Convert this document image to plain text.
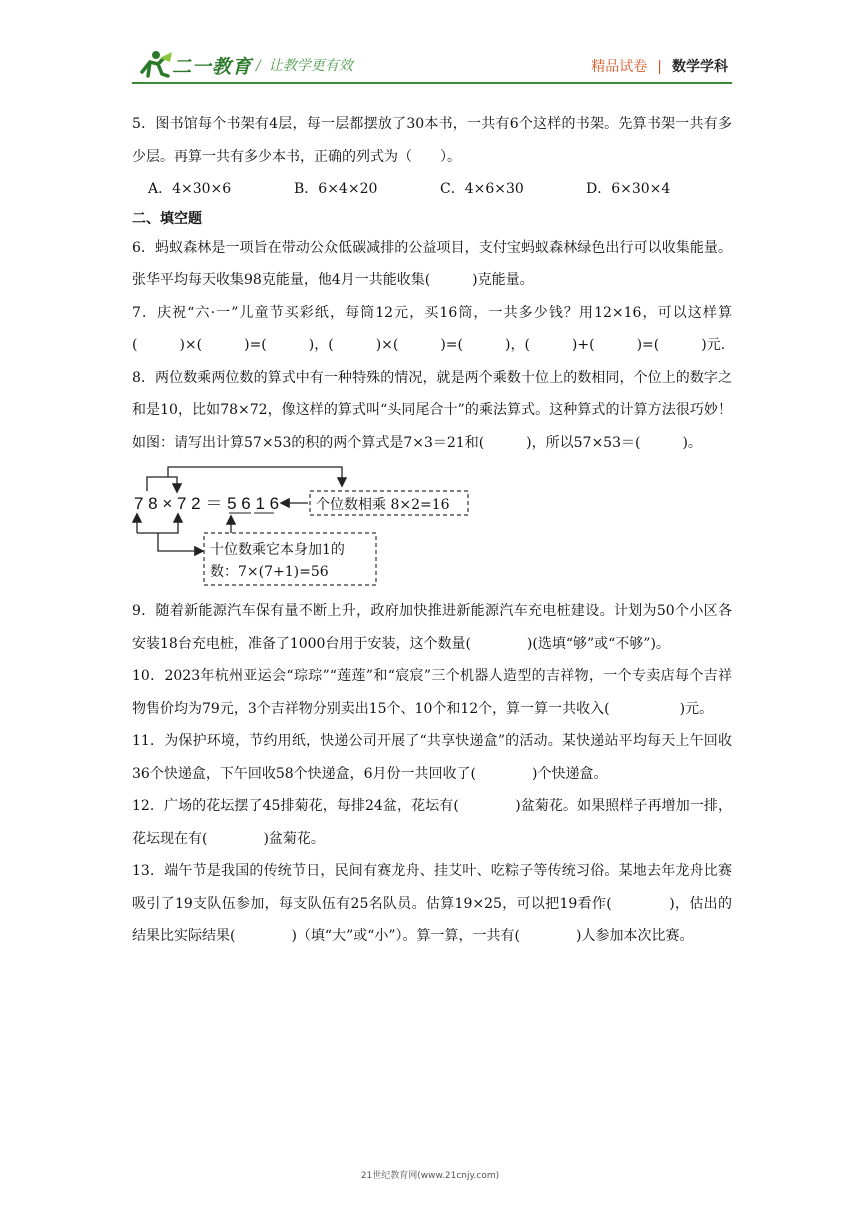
二一教育 / 让教学更有效	精品试卷 | 数学学科

5．图书馆每个书架有4层，每一层都摆放了30本书，一共有6个这样的书架。先算书架一共有多少层。再算一共有多少本书，正确的列式为（　　）。

A．4×30×6	B．6×4×20	C．4×6×30	D．6×30×4
二、填空题

6．蚂蚁森林是一项旨在带动公众低碳减排的公益项目，支付宝蚂蚁森林绿色出行可以收集能量。张华平均每天收集98克能量，他4月一共能收集(　　　)克能量。

7．庆祝“六·一”儿童节买彩纸，每筒12元，买16筒，一共多少钱？用12×16，可以这样算(　　　)×(　　　)=(　　　)，(　　　)×(　　　)=(　　　)，(　　　)+(　　　)=(　　　)元.

8．两位数乘两位数的算式中有一种特殊的情况，就是两个乘数十位上的数相同，个位上的数字之和是10，比如78×72，像这样的算式叫“头同尾合十”的乘法算式。这种算式的计算方法很巧妙！如图：请写出计算57×53的积的两个算式是7×3＝21和(　　　)，所以57×53＝(　　　)。

7 8 × 7 2 ＝ 5 6 1 6	个位数相乘 8×2=16
十位数乘它本身加1的
数：7×(7+1)=56

9．随着新能源汽车保有量不断上升，政府加快推进新能源汽车充电桩建设。计划为50个小区各安装18台充电桩，准备了1000台用于安装，这个数量(　　　　)(选填“够”或“不够”)。

10．2023年杭州亚运会“琮琮”“莲莲”和“宸宸”三个机器人造型的吉祥物，一个专卖店每个吉祥物售价均为79元，3个吉祥物分别卖出15个、10个和12个，算一算一共收入(　　　　　)元。

11．为保护环境，节约用纸，快递公司开展了“共享快递盒”的活动。某快递站平均每天上午回收36个快递盒，下午回收58个快递盒，6月份一共回收了(　　　　)个快递盒。

12．广场的花坛摆了45排菊花，每排24盆，花坛有(　　　　)盆菊花。如果照样子再增加一排，花坛现在有(　　　　)盆菊花。

13．端午节是我国的传统节日，民间有赛龙舟、挂艾叶、吃粽子等传统习俗。某地去年龙舟比赛吸引了19支队伍参加，每支队伍有25名队员。估算19×25，可以把19看作(　　　　)，估出的结果比实际结果(　　　　)（填“大”或“小”）。算一算，一共有(　　　　)人参加本次比赛。

21世纪教育网(www.21cnjy.com)
